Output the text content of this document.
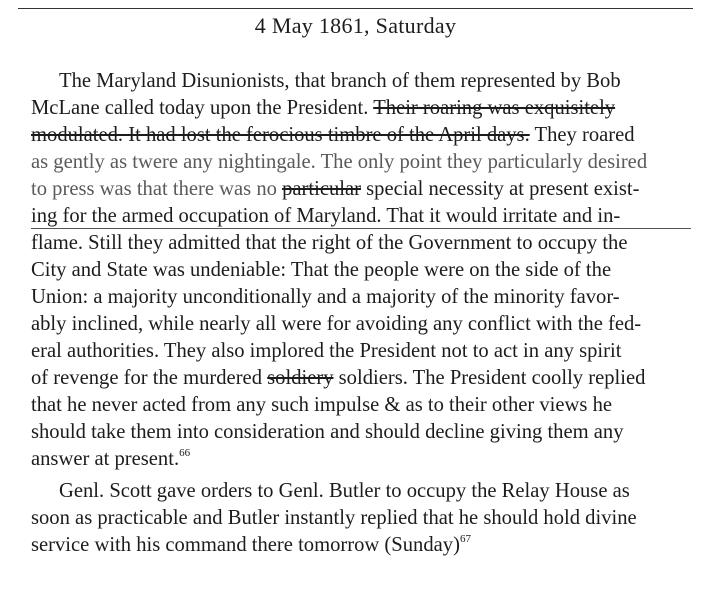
4 May 1861, Saturday
The Maryland Disunionists, that branch of them represented by Bob
McLane called today upon the President. Their roaring was exquisitely
modulated. It had lost the ferocious timbre of the April days. They roared
as gently as twere any nightingale. The only point they particularly desired
to press was that there was no particular special necessity at present exist-
ing for the armed occupation of Maryland. That it would irritate and in-
flame. Still they admitted that the right of the Government to occupy the
City and State was undeniable: That the people were on the side of the
Union: a majority unconditionally and a majority of the minority favor-
ably inclined, while nearly all were for avoiding any conflict with the fed-
eral authorities. They also implored the President not to act in any spirit
of revenge for the murdered soldiery soldiers. The President coolly replied
that he never acted from any such impulse & as to their other views he
should take them into consideration and should decline giving them any
answer at present.$^{66}$
Genl. Scott gave orders to Genl. Butler to occupy the Relay House as
soon as practicable and Butler instantly replied that he should hold divine
service with his command there tomorrow (Sunday)$^{67}$
